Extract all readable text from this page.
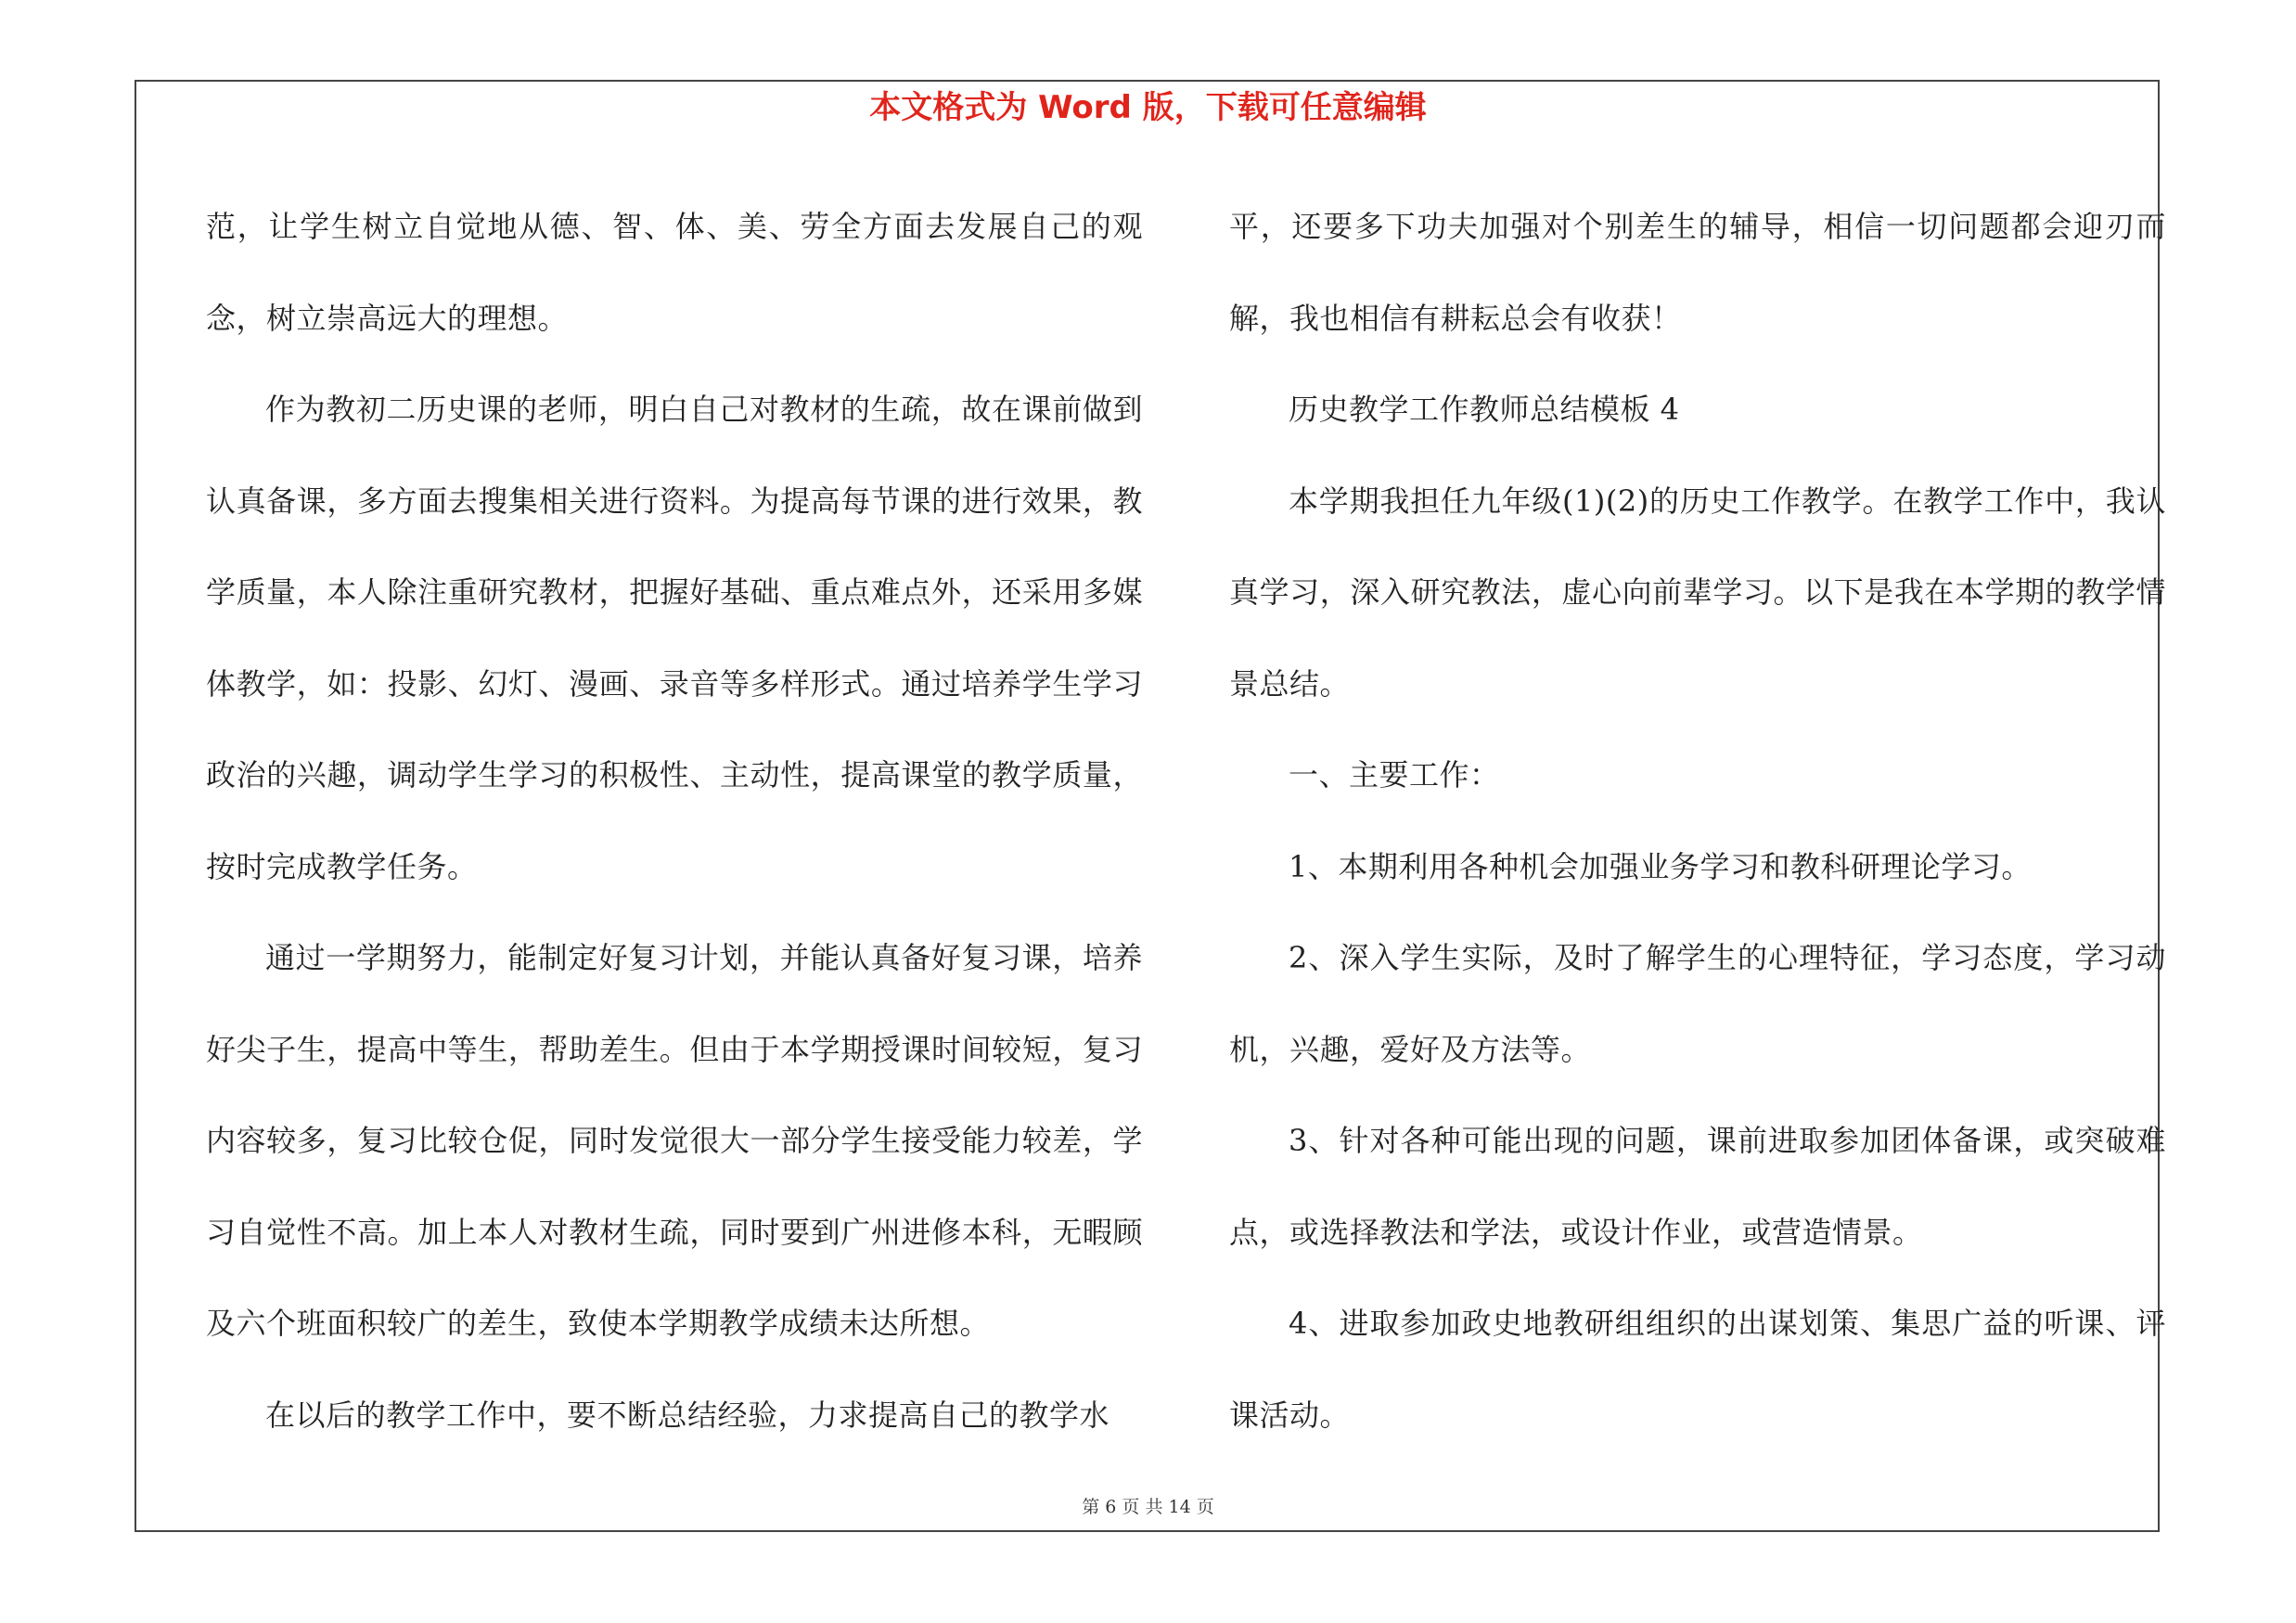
本文格式为 Word 版，下载可任意编辑

范，让学生树立自觉地从德、智、体、美、劳全方面去发展自己的观念，树立崇高远大的理想。

作为教初二历史课的老师，明白自己对教材的生疏，故在课前做到认真备课，多方面去搜集相关进行资料。为提高每节课的进行效果，教学质量，本人除注重研究教材，把握好基础、重点难点外，还采用多媒体教学，如：投影、幻灯、漫画、录音等多样形式。通过培养学生学习政治的兴趣，调动学生学习的积极性、主动性，提高课堂的教学质量，按时完成教学任务。

通过一学期努力，能制定好复习计划，并能认真备好复习课，培养好尖子生，提高中等生，帮助差生。但由于本学期授课时间较短，复习内容较多，复习比较仓促，同时发觉很大一部分学生接受能力较差，学习自觉性不高。加上本人对教材生疏，同时要到广州进修本科，无暇顾及六个班面积较广的差生，致使本学期教学成绩未达所想。

在以后的教学工作中，要不断总结经验，力求提高自己的教学水

平，还要多下功夫加强对个别差生的辅导，相信一切问题都会迎刃而解，我也相信有耕耘总会有收获！

历史教学工作教师总结模板 4

本学期我担任九年级(1)(2)的历史工作教学。在教学工作中，我认真学习，深入研究教法，虚心向前辈学习。以下是我在本学期的教学情景总结。

一、主要工作：

1、本期利用各种机会加强业务学习和教科研理论学习。

2、深入学生实际，及时了解学生的心理特征，学习态度，学习动机，兴趣，爱好及方法等。

3、针对各种可能出现的问题，课前进取参加团体备课，或突破难点，或选择教法和学法，或设计作业，或营造情景。

4、进取参加政史地教研组组织的出谋划策、集思广益的听课、评课活动。

第 6 页 共 14 页
